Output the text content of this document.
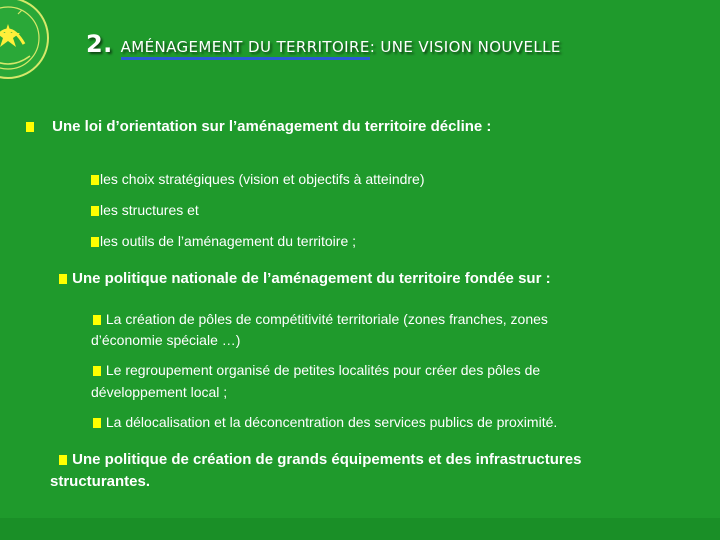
2. AMÉNAGEMENT DU TERRITOIRE: UNE VISION NOUVELLE
Une loi d’orientation sur l’aménagement du territoire décline :
les choix stratégiques (vision et objectifs à atteindre)
les structures et
les outils de l’aménagement du territoire ;
Une politique nationale de l’aménagement du territoire fondée sur :
La création de pôles de compétitivité territoriale (zones franches, zones
d’économie spéciale …)
Le regroupement organisé de petites localités pour créer des pôles de
développement local ;
La délocalisation et la déconcentration des services publics de proximité.
Une politique de création de grands équipements et des infrastructures
structurantes.
